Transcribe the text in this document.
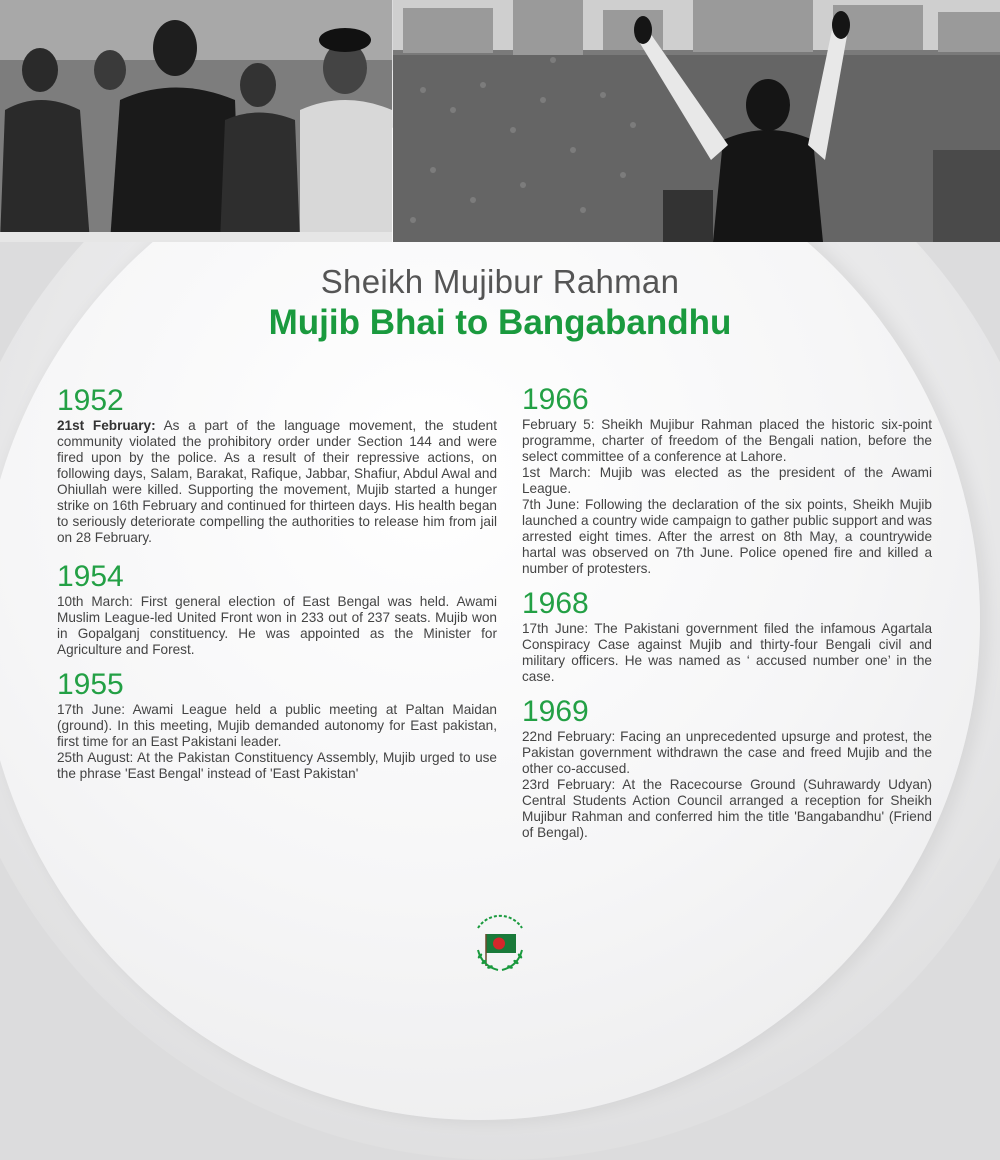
Sheikh Mujibur Rahman
Mujib Bhai to Bangabandhu
1952

21st February: As a part of the language movement, the student community violated the prohibitory order under Section 144 and were fired upon by the police. As a result of their repressive actions, on following days, Salam, Barakat, Rafique, Jabbar, Shafiur, Abdul Awal and Ohiullah were killed. Supporting the movement, Mujib started a hunger strike on 16th February and continued for thirteen days. His health began to seriously deteriorate compelling the authorities to release him from jail on 28 February.

1954

10th March: First general election of East Bengal was held. Awami Muslim League-led United Front won in 233 out of 237 seats. Mujib won in Gopalganj constituency. He was appointed as the Minister for Agriculture and Forest.

1955

17th June: Awami League held a public meeting at Paltan Maidan (ground). In this meeting, Mujib demanded autonomy for East pakistan, first time for an East Pakistani leader.

25th August: At the Pakistan Constituency Assembly, Mujib urged to use the phrase 'East Bengal' instead of 'East Pakistan'

1966

February 5: Sheikh Mujibur Rahman placed the historic six-point programme, charter of freedom of the Bengali nation, before the select committee of a conference at Lahore.

1st March: Mujib was elected as the president of the Awami League.

7th June: Following the declaration of the six points, Sheikh Mujib launched a country wide campaign to gather public support and was arrested eight times. After the arrest on 8th May, a countrywide hartal was observed on 7th June. Police opened fire and killed a number of protesters.

1968

17th June: The Pakistani government filed the infamous Agartala Conspiracy Case against Mujib and thirty-four Bengali civil and military officers. He was named as ‘ accused number one’ in the case.

1969

22nd February: Facing an unprecedented upsurge and protest, the Pakistan government withdrawn the case and freed Mujib and the other co-accused.

23rd February: At the Racecourse Ground (Suhrawardy Udyan) Central Students Action Council arranged a reception for Sheikh Mujibur Rahman and conferred him the title 'Bangabandhu' (Friend of Bengal).
